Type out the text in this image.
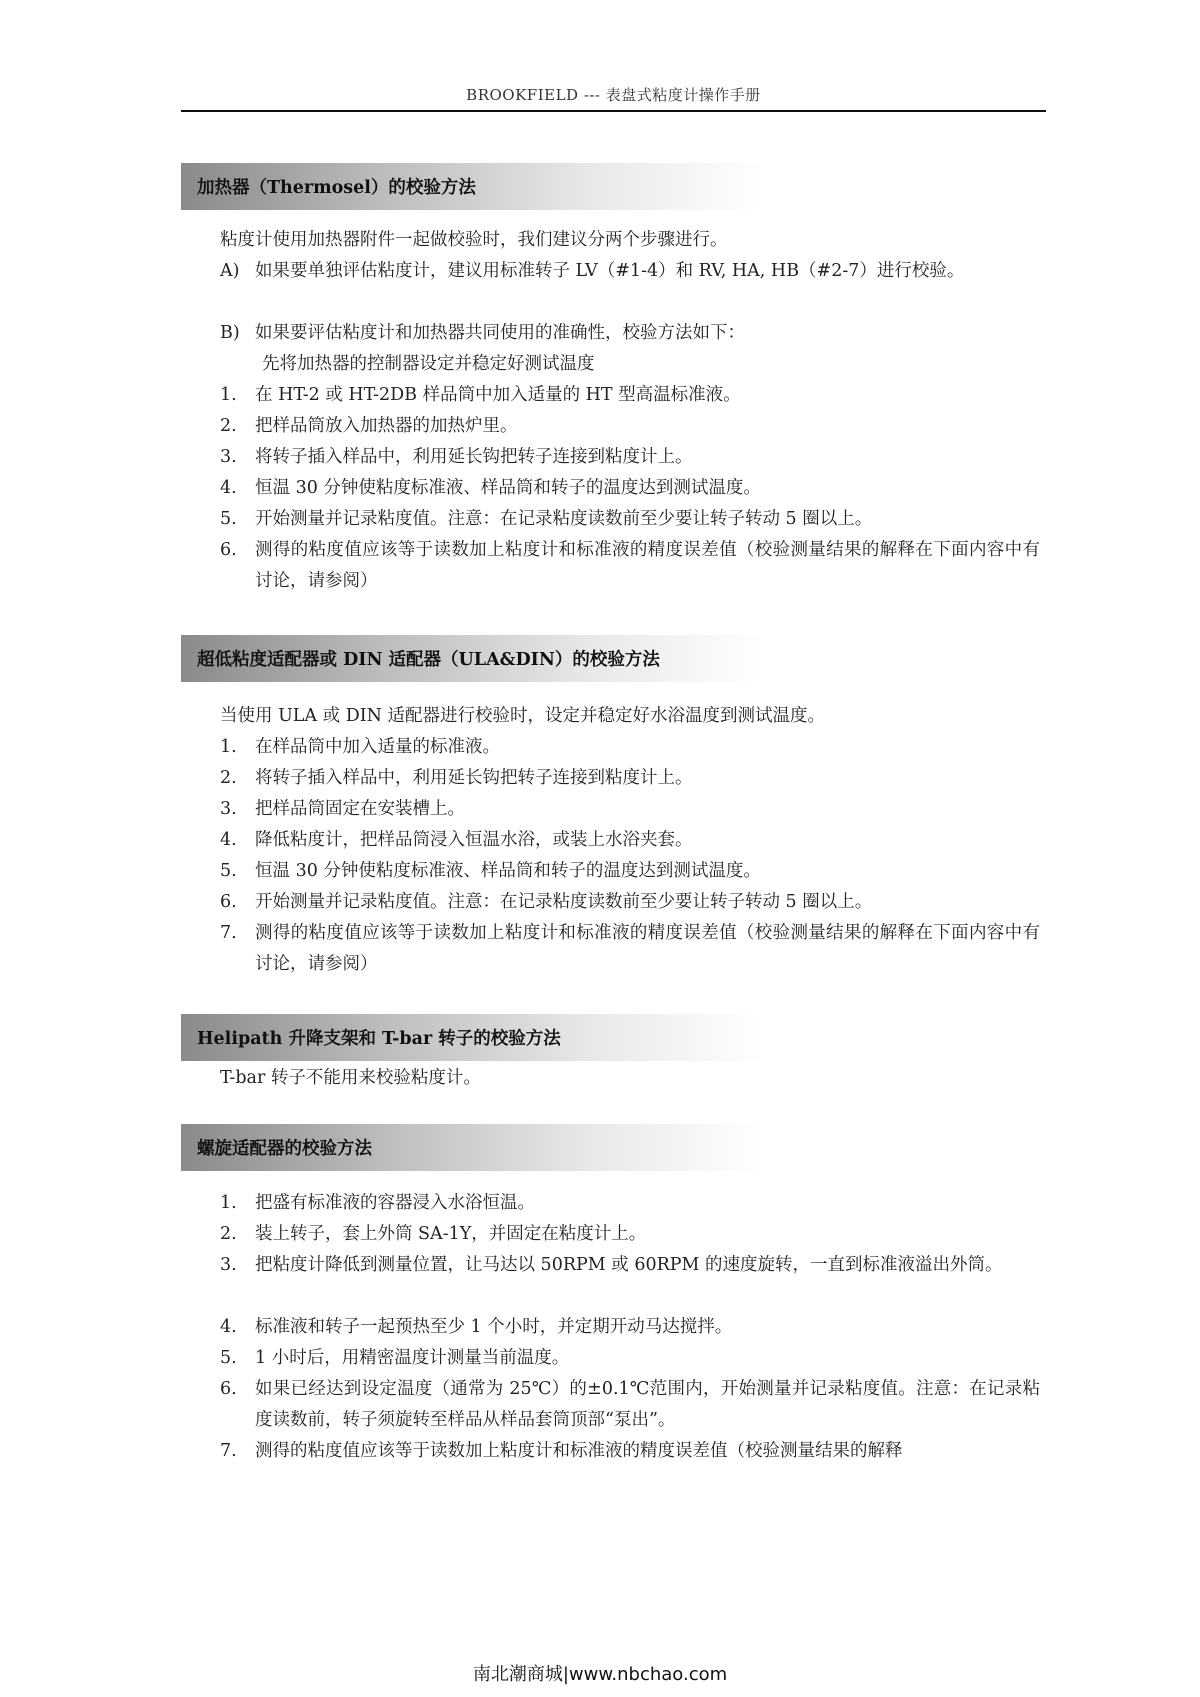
BROOKFIELD --- 表盘式粘度计操作手册
加热器（Thermosel）的校验方法
粘度计使用加热器附件一起做校验时，我们建议分两个步骤进行。
A) 如果要单独评估粘度计，建议用标准转子 LV（#1-4）和 RV, HA, HB（#2-7）进行校验。
B) 如果要评估粘度计和加热器共同使用的准确性，校验方法如下：
先将加热器的控制器设定并稳定好测试温度
1. 在 HT-2 或 HT-2DB 样品筒中加入适量的 HT 型高温标准液。
2. 把样品筒放入加热器的加热炉里。
3. 将转子插入样品中，利用延长钩把转子连接到粘度计上。
4. 恒温 30 分钟使粘度标准液、样品筒和转子的温度达到测试温度。
5. 开始测量并记录粘度值。注意：在记录粘度读数前至少要让转子转动 5 圈以上。
6. 测得的粘度值应该等于读数加上粘度计和标准液的精度误差值（校验测量结果的解释在下面内容中有讨论，请参阅）
超低粘度适配器或 DIN 适配器（ULA&DIN）的校验方法
当使用 ULA 或 DIN 适配器进行校验时，设定并稳定好水浴温度到测试温度。
1. 在样品筒中加入适量的标准液。
2. 将转子插入样品中，利用延长钩把转子连接到粘度计上。
3. 把样品筒固定在安装槽上。
4. 降低粘度计，把样品筒浸入恒温水浴，或装上水浴夹套。
5. 恒温 30 分钟使粘度标准液、样品筒和转子的温度达到测试温度。
6. 开始测量并记录粘度值。注意：在记录粘度读数前至少要让转子转动 5 圈以上。
7. 测得的粘度值应该等于读数加上粘度计和标准液的精度误差值（校验测量结果的解释在下面内容中有讨论，请参阅）
Helipath 升降支架和 T-bar 转子的校验方法
T-bar 转子不能用来校验粘度计。
螺旋适配器的校验方法
1. 把盛有标准液的容器浸入水浴恒温。
2. 装上转子，套上外筒 SA-1Y，并固定在粘度计上。
3. 把粘度计降低到测量位置，让马达以 50RPM 或 60RPM 的速度旋转，一直到标准液溢出外筒。
4. 标准液和转子一起预热至少 1 个小时，并定期开动马达搅拌。
5. 1 小时后，用精密温度计测量当前温度。
6. 如果已经达到设定温度（通常为 25℃）的±0.1℃范围内，开始测量并记录粘度值。注意：在记录粘度读数前，转子须旋转至样品从样品套筒顶部“泵出”。
7. 测得的粘度值应该等于读数加上粘度计和标准液的精度误差值（校验测量结果的解释
南北潮商城|www.nbchao.com
